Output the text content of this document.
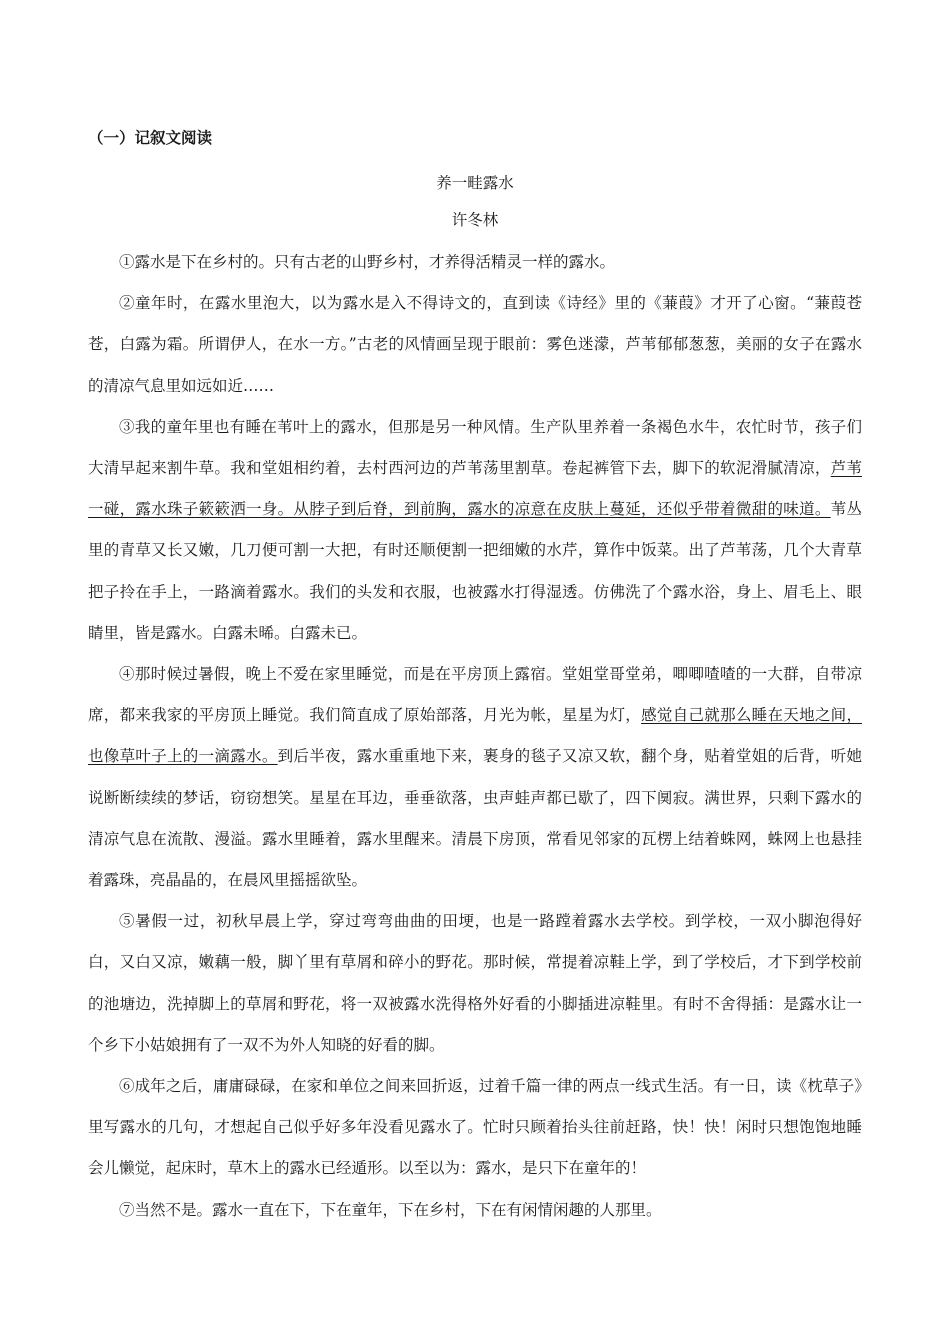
（一）记叙文阅读
养一畦露水
许冬林

①露水是下在乡村的。只有古老的山野乡村，才养得活精灵一样的露水。

②童年时，在露水里泡大，以为露水是入不得诗文的，直到读《诗经》里的《蒹葭》才开了心窗。“蒹葭苍苍，白露为霜。所谓伊人，在水一方。”古老的风情画呈现于眼前：雾色迷濛，芦苇郁郁葱葱，美丽的女子在露水的清凉气息里如远如近……

③我的童年里也有睡在苇叶上的露水，但那是另一种风情。生产队里养着一条褐色水牛，农忙时节，孩子们大清早起来割牛草。我和堂姐相约着，去村西河边的芦苇荡里割草。卷起裤管下去，脚下的软泥滑腻清凉，芦苇一碰，露水珠子簌簌洒一身。从脖子到后脊，到前胸，露水的凉意在皮肤上蔓延，还似乎带着微甜的味道。苇丛里的青草又长又嫩，几刀便可割一大把，有时还顺便割一把细嫩的水芹，算作中饭菜。出了芦苇荡，几个大青草把子拎在手上，一路滴着露水。我们的头发和衣服，也被露水打得湿透。仿佛洗了个露水浴，身上、眉毛上、眼睛里，皆是露水。白露未晞。白露未已。

④那时候过暑假，晚上不爱在家里睡觉，而是在平房顶上露宿。堂姐堂哥堂弟，唧唧喳喳的一大群，自带凉席，都来我家的平房顶上睡觉。我们简直成了原始部落，月光为帐，星星为灯，感觉自己就那么睡在天地之间，也像草叶子上的一滴露水。到后半夜，露水重重地下来，裹身的毯子又凉又软，翻个身，贴着堂姐的后背，听她说断断续续的梦话，窃窃想笑。星星在耳边，垂垂欲落，虫声蛙声都已歇了，四下阒寂。满世界，只剩下露水的清凉气息在流散、漫溢。露水里睡着，露水里醒来。清晨下房顶，常看见邻家的瓦楞上结着蛛网，蛛网上也悬挂着露珠，亮晶晶的，在晨风里摇摇欲坠。

⑤暑假一过，初秋早晨上学，穿过弯弯曲曲的田埂，也是一路蹚着露水去学校。到学校，一双小脚泡得好白，又白又凉，嫩藕一般，脚丫里有草屑和碎小的野花。那时候，常提着凉鞋上学，到了学校后，才下到学校前的池塘边，洗掉脚上的草屑和野花，将一双被露水洗得格外好看的小脚插进凉鞋里。有时不舍得插：是露水让一个乡下小姑娘拥有了一双不为外人知晓的好看的脚。

⑥成年之后，庸庸碌碌，在家和单位之间来回折返，过着千篇一律的两点一线式生活。有一日，读《枕草子》里写露水的几句，才想起自己似乎好多年没看见露水了。忙时只顾着抬头往前赶路，快！快！闲时只想饱饱地睡会儿懒觉，起床时，草木上的露水已经遁形。以至以为：露水，是只下在童年的！

⑦当然不是。露水一直在下，下在童年，下在乡村，下在有闲情闲趣的人那里。
